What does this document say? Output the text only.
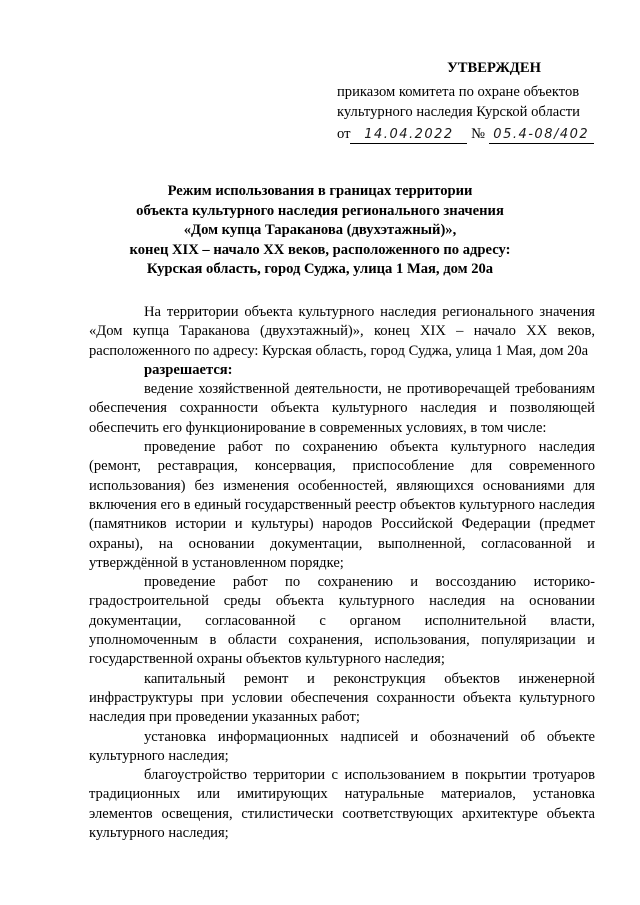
УТВЕРЖДЕН
приказом комитета по охране объектов
культурного наследия Курской области
от 14.04.2022 № 05.4-08/402
Режим использования в границах территории
объекта культурного наследия регионального значения
«Дом купца Тараканова (двухэтажный)»,
конец XIX – начало XX веков, расположенного по адресу:
Курская область, город Суджа, улица 1 Мая, дом 20а

На территории объекта культурного наследия регионального значения «Дом купца Тараканова (двухэтажный)», конец XIX – начало XX веков, расположенного по адресу: Курская область, город Суджа, улица 1 Мая, дом 20а

разрешается:

ведение хозяйственной деятельности, не противоречащей требованиям обеспечения сохранности объекта культурного наследия и позволяющей обеспечить его функционирование в современных условиях, в том числе:

проведение работ по сохранению объекта культурного наследия (ремонт, реставрация, консервация, приспособление для современного использования) без изменения особенностей, являющихся основаниями для включения его в единый государственный реестр объектов культурного наследия (памятников истории и культуры) народов Российской Федерации (предмет охраны), на основании документации, выполненной, согласованной и утверждённой в установленном порядке;

проведение работ по сохранению и воссозданию историко-градостроительной среды объекта культурного наследия на основании документации, согласованной с органом исполнительной власти, уполномоченным в области сохранения, использования, популяризации и государственной охраны объектов культурного наследия;

капитальный ремонт и реконструкция объектов инженерной инфраструктуры при условии обеспечения сохранности объекта культурного наследия при проведении указанных работ;

установка информационных надписей и обозначений об объекте культурного наследия;

благоустройство территории с использованием в покрытии тротуаров традиционных или имитирующих натуральные материалов, установка элементов освещения, стилистически соответствующих архитектуре объекта культурного наследия;
